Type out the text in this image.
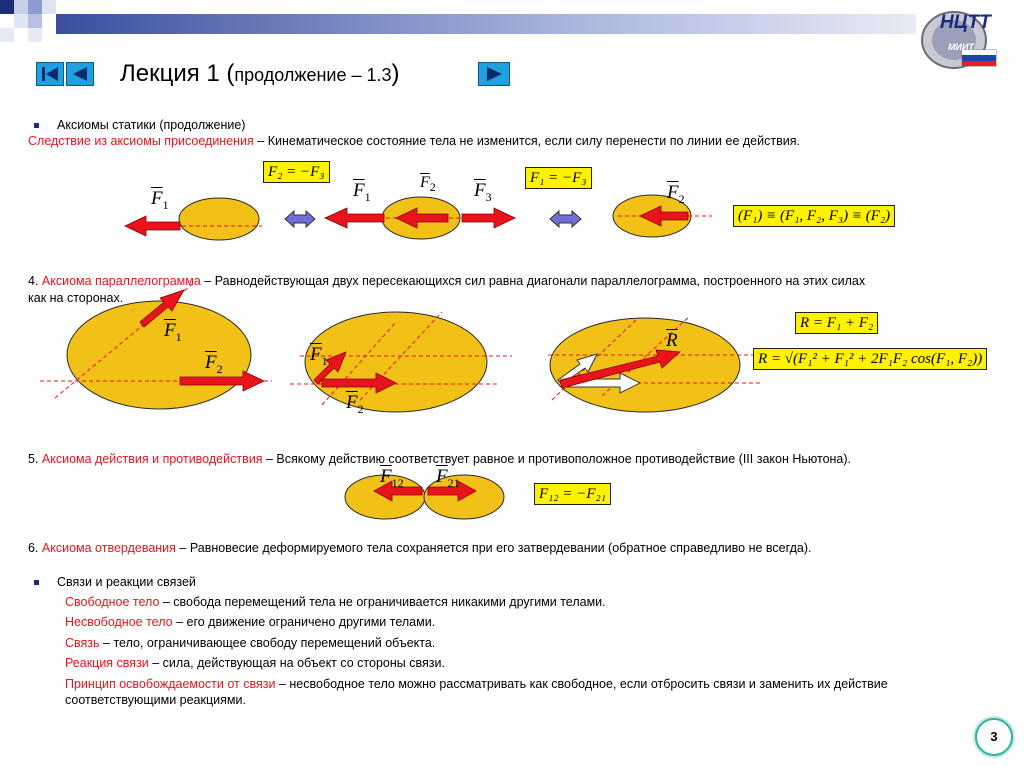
НЦТТ
МИИТ
Лекция 1 (продолжение – 1.3)
Аксиомы статики (продолжение)
Следствие из аксиомы присоединения – Кинематическое состояние тела не изменится, если силу перенести по линии ее действия.
$\overline{F}_1$
$\overline{F}_1$
$\overline{F}_2$ $\overline{F}_3$	$\overline{F}_2$
F₂ = −F₃	F₁ = −F₃
(F₁) ≡ (F₁, F₂, F₃) ≡ (F₂)
4. Аксиома параллелограмма – Равнодействующая двух пересекающихся сил равна диагонали параллелограмма, построенного на этих силах
как на сторонах.
$\overline{F}_1$
$\overline{F}_2$
$\overline{F}_1$
$\overline{F}_2$
$\overline{R}$
R = F₁ + F₂
R = √(F₁² + F₁² + 2F₁F₂ cos(F₁, F₂))
5. Аксиома действия и противодействия – Всякому действию соответствует равное и противоположное противодействие (III закон Ньютона).
$\overline{F}_{12}$ $\overline{F}_{21}$
F₁₂ = −F₂₁
6. Аксиома отвердевания – Равновесие деформируемого тела сохраняется при его затвердевании (обратное справедливо не всегда).
Связи и реакции связей
Свободное тело – свобода перемещений тела не ограничивается никакими другими телами.
Несвободное тело – его движение ограничено другими телами.
Связь – тело, ограничивающее свободу перемещений объекта.
Реакция связи – сила, действующая на объект со стороны связи.
Принцип освобождаемости от связи – несвободное тело можно рассматривать как свободное, если отбросить связи и заменить их действие
соответствующими реакциями.
3
